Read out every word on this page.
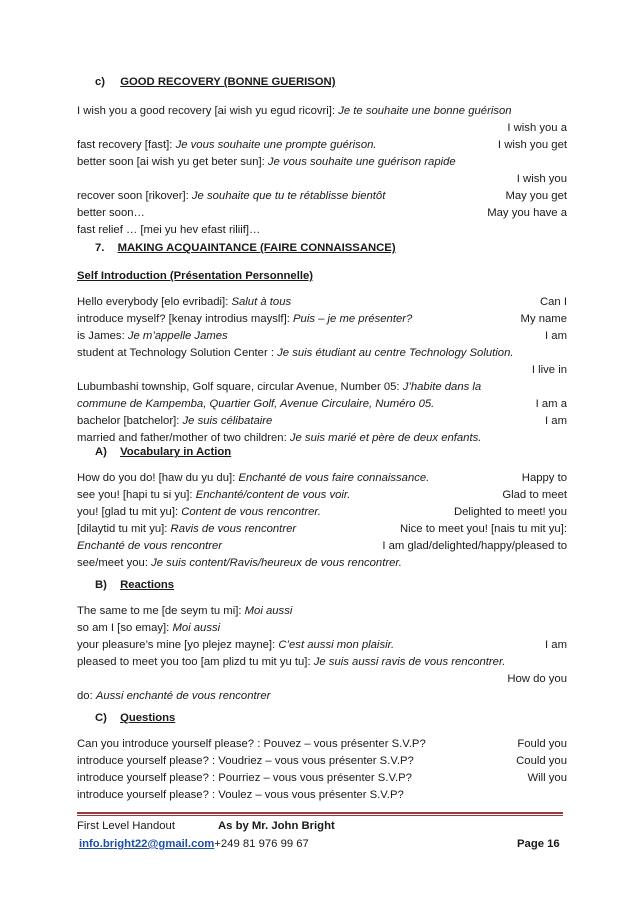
c) GOOD RECOVERY (BONNE GUERISON)
I wish you a good recovery [ai wish yu egud ricovri]: Je te souhaite une bonne guérison
I wish you a
fast recovery [fast]: Je vous souhaite une prompte guérison.	I wish you get
better soon [ai wish yu get beter sun]: Je vous souhaite une guérison rapide
I wish you
recover soon [rikover]: Je souhaite que tu te rétablisse bientôt	May you get
better soon…	May you have a
fast relief … [mei yu hev efast riliif]…
7. MAKING ACQUAINTANCE (FAIRE CONNAISSANCE)
Self Introduction (Présentation Personnelle)
Hello everybody [elo evribadi]: Salut à tous	Can I
introduce myself? [kenay introdius mayslf]: Puis – je me présenter?	My name
is James: Je m’appelle James	I am
student at Technology Solution Center : Je suis étudiant au centre Technology Solution.
I live in
Lubumbashi township, Golf square, circular Avenue, Number 05: J’habite dans la
commune de Kampemba, Quartier Golf, Avenue Circulaire, Numéro 05.	I am a
bachelor [batchelor]: Je suis célibataire	I am
married and father/mother of two children: Je suis marié et père de deux enfants.
A) Vocabulary in Action
How do you do! [haw du yu du]: Enchanté de vous faire connaissance.	Happy to
see you! [hapi tu si yu]: Enchanté/content de vous voir.	Glad to meet
you! [glad tu mit yu]: Content de vous rencontrer.	Delighted to meet! you
[dilaytid tu mit yu]: Ravis de vous rencontrer	Nice to meet you! [nais tu mit yu]:
Enchanté de vous rencontrer	I am glad/delighted/happy/pleased to
see/meet you: Je suis content/Ravis/heureux de vous rencontrer.
B) Reactions
The same to me [de seym tu mi]: Moi aussi
so am I [so emay]: Moi aussi
your pleasure’s mine [yo plejez mayne]: C’est aussi mon plaisir.	I am
pleased to meet you too [am plizd tu mit yu tu]: Je suis aussi ravis de vous rencontrer.
How do you
do: Aussi enchanté de vous rencontrer
C) Questions
Can you introduce yourself please? : Pouvez – vous présenter S.V.P?	Fould you
introduce yourself please? : Voudriez – vous vous présenter S.V.P?	Could you
introduce yourself please? : Pourriez – vous vous présenter S.V.P?	Will you
introduce yourself please? : Voulez – vous vous présenter S.V.P?
First Level Handout	As by Mr. John Bright
info.bright22@gmail.com+249 81 976 99 67	Page 16
